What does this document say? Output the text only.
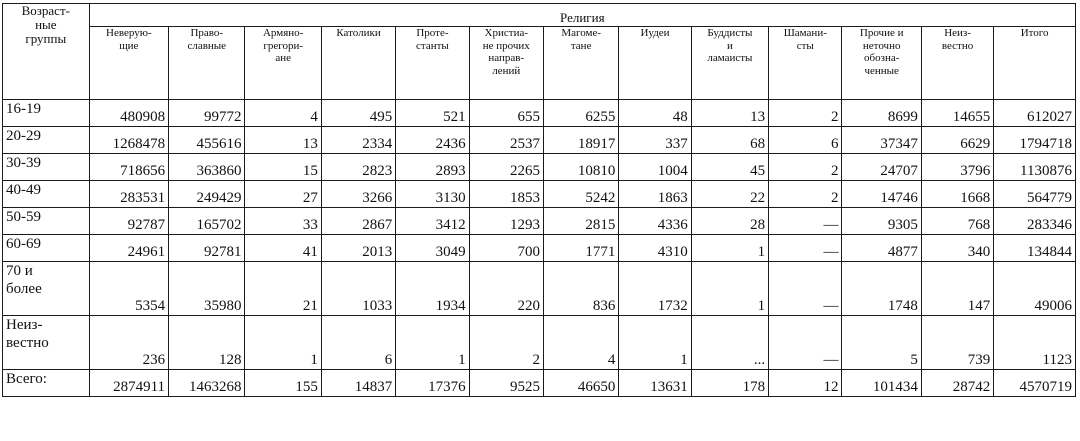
Возраст-
ные
группы	Религия												
	Неверую-
щие	Право-
славные	Армяно-
грегори-
ане	Католики	Проте-
станты	Христиа-
не прочих
направ-
лений	Магоме-
тане	Иудеи	Буддисты
и
ламаисты	Шамани-
сты	Прочие и
неточно
обозна-
ченные	Неиз-
вестно	Итого
16-19	480908	99772	4	495	521	655	6255	48	13	2	8699	14655	612027
20-29	1268478	455616	13	2334	2436	2537	18917	337	68	6	37347	6629	1794718
30-39	718656	363860	15	2823	2893	2265	10810	1004	45	2	24707	3796	1130876
40-49	283531	249429	27	3266	3130	1853	5242	1863	22	2	14746	1668	564779
50-59	92787	165702	33	2867	3412	1293	2815	4336	28	—	9305	768	283346
60-69	24961	92781	41	2013	3049	700	1771	4310	1	—	4877	340	134844
70 и
более	5354	35980	21	1033	1934	220	836	1732	1	—	1748	147	49006
Неиз-
вестно	236	128	1	6	1	2	4	1	...	—	5	739	1123
Всего:	2874911	1463268	155	14837	17376	9525	46650	13631	178	12	101434	28742	4570719
